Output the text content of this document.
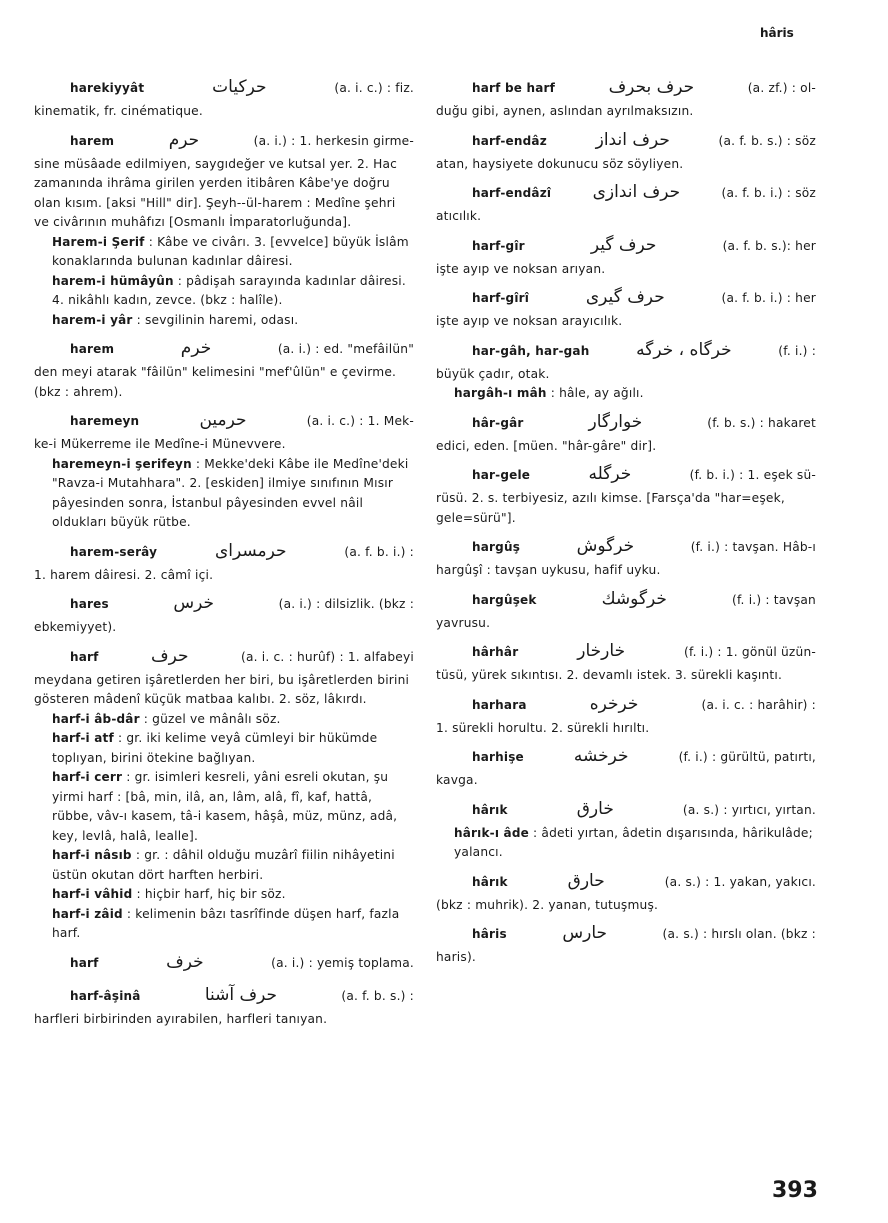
hâris
harekiyyât	حركيات	(a. i. c.) : fiz.
kinematik, fr. cinématique.
harem	حرم	(a. i.) : 1. herkesin girme-
sine müsâade edilmiyen, saygıdeğer ve kutsal yer. 2. Hac zamanında ihrâma girilen yerden itibâren Kâbe'ye doğru olan kısım. [aksi "Hill" dir]. Şeyh--ül-harem : Medîne şehri ve civârının muhâfızı [Osmanlı İmparatorluğunda].
Harem-i Şerif : Kâbe ve civârı. 3. [evvelce] büyük İslâm konaklarında bulunan kadınlar dâiresi.
harem-i hümâyûn : pâdişah sarayında kadınlar dâiresi. 4. nikâhlı kadın, zevce. (bkz : halîle).
harem-i yâr : sevgilinin haremi, odası.
harem	خرم	(a. i.) : ed. "mefâilün"
den meyi atarak "fâilün" kelimesini "mef'ûlün" e çevirme. (bkz : ahrem).
haremeyn	حرمين	(a. i. c.) : 1. Mek-
ke-i Mükerreme ile Medîne-i Münevvere.
haremeyn-i şerifeyn : Mekke'deki Kâbe ile Medîne'deki "Ravza-i Mutahhara". 2. [eskiden] ilmiye sınıfının Mısır pâyesinden sonra, İstanbul pâyesinden evvel nâil oldukları büyük rütbe.
harem-serây	حرمسراى	(a. f. b. i.) :
1. harem dâiresi. 2. câmî içi.
hares	خرس	(a. i.) : dilsizlik. (bkz :
ebkemiyyet).
harf	حرف	(a. i. c. : hurûf) : 1. alfabeyi
meydana getiren işâretlerden her biri, bu işâretlerden birini gösteren mâdenî küçük matbaa kalıbı. 2. söz, lâkırdı.
harf-i âb-dâr : güzel ve mânâlı söz.
harf-i atf : gr. iki kelime veyâ cümleyi bir hükümde toplıyan, birini ötekine bağlıyan.
harf-i cerr : gr. isimleri kesreli, yâni esreli okutan, şu yirmi harf : [bâ, min, ilâ, an, lâm, alâ, fî, kaf, hattâ, rübbe, vâv-ı kasem, tâ-i kasem, hâşâ, müz, münz, adâ, key, levlâ, halâ, lealle].
harf-i nâsıb : gr. : dâhil olduğu muzârî fiilin nihâyetini üstün okutan dört harften herbiri.
harf-i vâhid : hiçbir harf, hiç bir söz.
harf-i zâid : kelimenin bâzı tasrîfinde düşen harf, fazla harf.
harf	خرف	(a. i.) : yemiş toplama.
harf-âşinâ	حرف آشنا	(a. f. b. s.) :
harfleri birbirinden ayırabilen, harfleri tanıyan.
harf be harf	حرف بحرف	(a. zf.) : ol-
duğu gibi, aynen, aslından ayrılmaksızın.
harf-endâz	حرف انداز	(a. f. b. s.) : söz
atan, haysiyete dokunucu söz söyliyen.
harf-endâzî حرف اندازى	(a. f. b. i.) : söz
atıcılık.
harf-gîr	حرف گير	(a. f. b. s.): her
işte ayıp ve noksan arıyan.
harf-gîrî	حرف گيرى	(a. f. b. i.) : her
işte ayıp ve noksan arayıcılık.
har-gâh, har-gah	خرگاه ، خرگه	(f. i.) :
büyük çadır, otak.
hargâh-ı mâh : hâle, ay ağılı.
hâr-gâr	خوارگار	(f. b. s.) : hakaret
edici, eden. [müen. "hâr-gâre" dir].
har-gele	خرگله	(f. b. i.) : 1. eşek sü-
rüsü. 2. s. terbiyesiz, azılı kimse. [Farsça'da "har=eşek, gele=sürü"].
hargûş	خرگوش	(f. i.) : tavşan. Hâb-ı
hargûşî : tavşan uykusu, hafif uyku.
hargûşek	خرگوشك	(f. i.) : tavşan
yavrusu.
hârhâr	خارخار	(f. i.) : 1. gönül üzün-
tüsü, yürek sıkıntısı. 2. devamlı istek. 3. sürekli kaşıntı.
harhara	خرخره	(a. i. c. : harâhir) :
1. sürekli horultu. 2. sürekli hırıltı.
harhişe	خرخشه	(f. i.) : gürültü, patırtı,
kavga.
hârık	خارق	(a. s.) : yırtıcı, yırtan.
hârık-ı âde : âdeti yırtan, âdetin dışarısında, hârikulâde; yalancı.
hârık	حارق	(a. s.) : 1. yakan, yakıcı.
(bkz : muhrik). 2. yanan, tutuşmuş.
hâris	حارس	(a. s.) : hırslı olan. (bkz :
haris).
393
